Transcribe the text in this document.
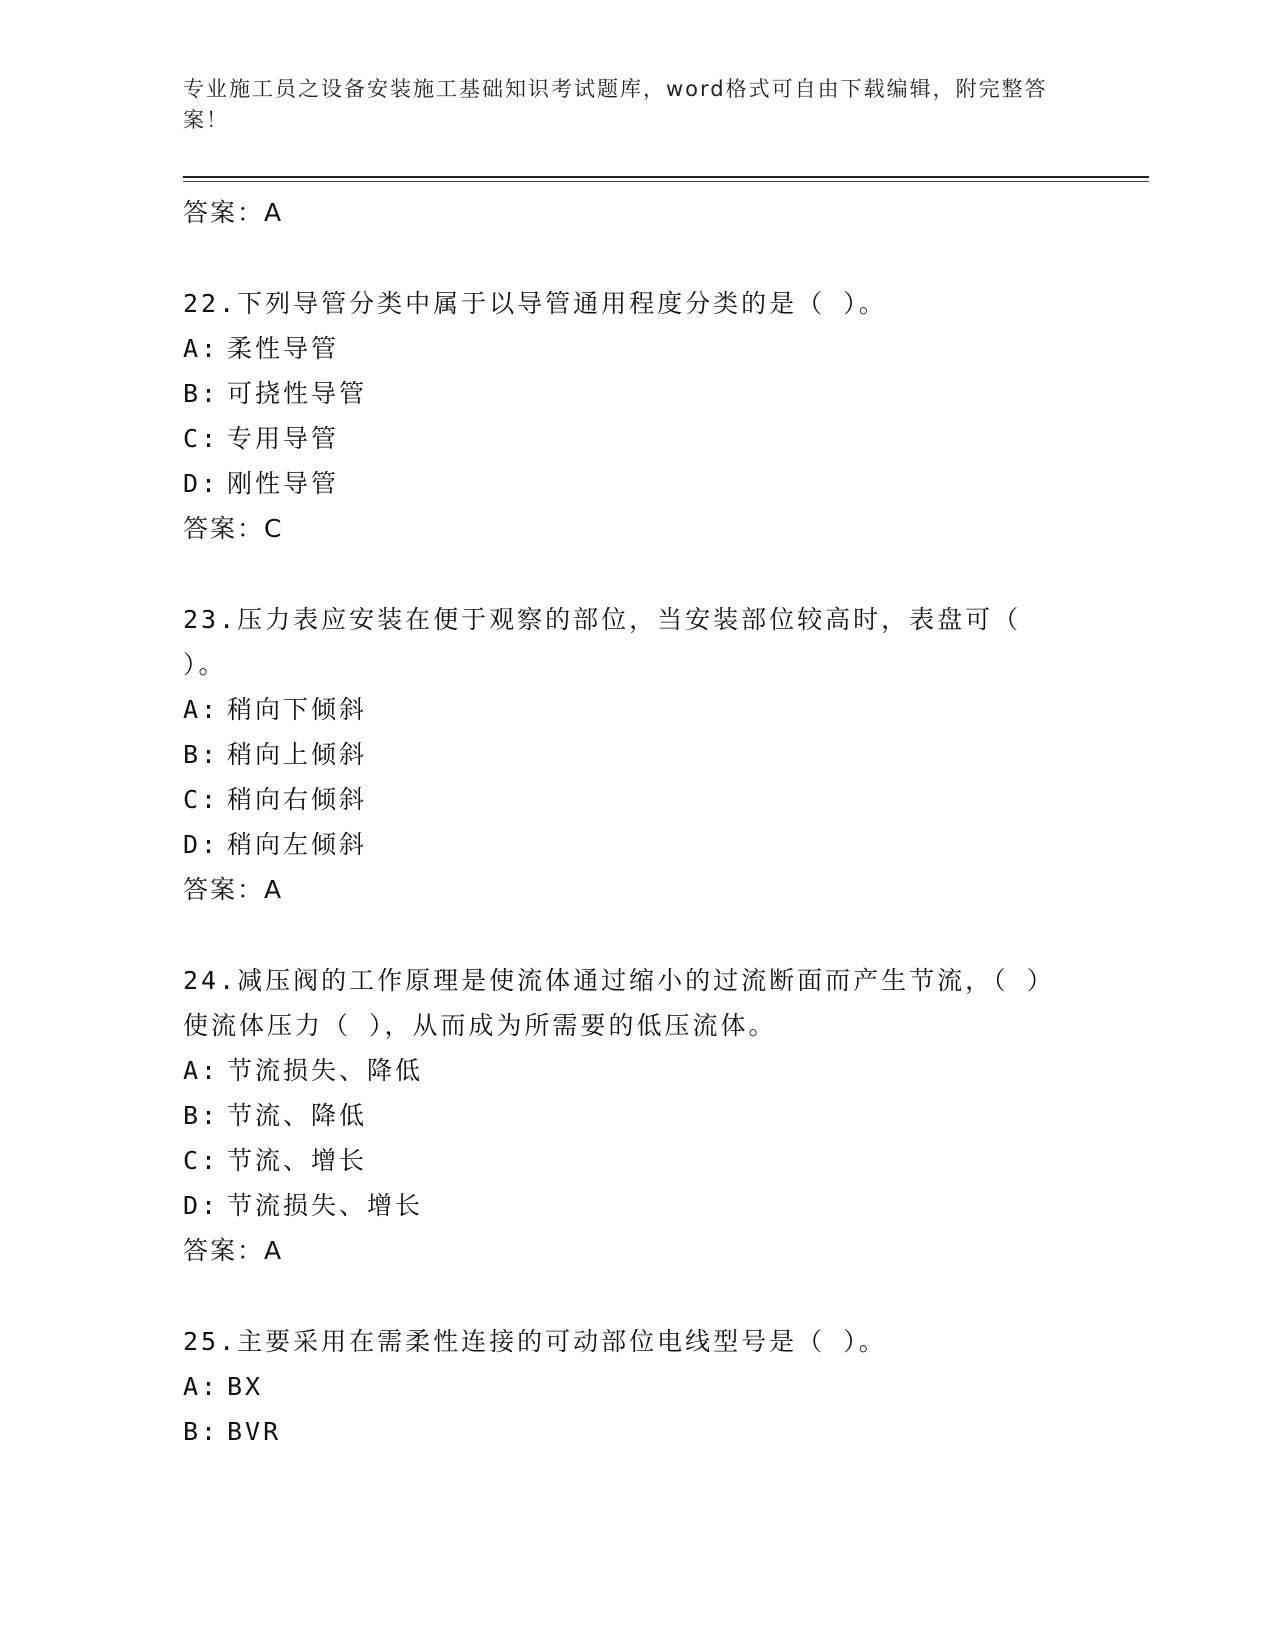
专业施工员之设备安装施工基础知识考试题库，word格式可自由下载编辑，附完整答案！
答案：A
22.下列导管分类中属于以导管通用程度分类的是（ ）。
A: 柔性导管
B: 可挠性导管
C: 专用导管
D: 刚性导管
答案：C
23.压力表应安装在便于观察的部位，当安装部位较高时，表盘可（ ）。
A: 稍向下倾斜
B: 稍向上倾斜
C: 稍向右倾斜
D: 稍向左倾斜
答案：A
24.减压阀的工作原理是使流体通过缩小的过流断面而产生节流，（ ）使流体压力（ ），从而成为所需要的低压流体。
A: 节流损失、降低
B: 节流、降低
C: 节流、增长
D: 节流损失、增长
答案：A
25.主要采用在需柔性连接的可动部位电线型号是（ ）。
A: BX
B: BVR
